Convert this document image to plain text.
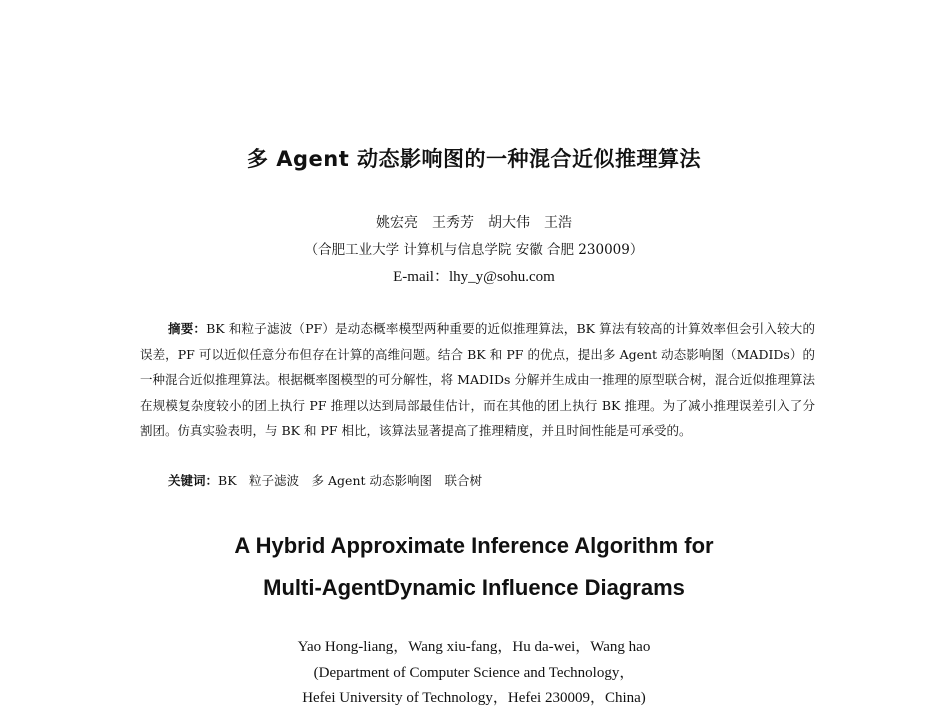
多 Agent 动态影响图的一种混合近似推理算法
姚宏亮　王秀芳　胡大伟　王浩
（合肥工业大学 计算机与信息学院 安徽 合肥 230009）
E-mail：lhy_y@sohu.com

摘要：BK 和粒子滤波（PF）是动态概率模型两种重要的近似推理算法，BK 算法有较高的计算效率但会引入较大的误差，PF 可以近似任意分布但存在计算的高维问题。结合 BK 和 PF 的优点，提出多 Agent 动态影响图（MADIDs）的一种混合近似推理算法。根据概率图模型的可分解性，将 MADIDs 分解并生成由一推理的原型联合树，混合近似推理算法在规模复杂度较小的团上执行 PF 推理以达到局部最佳估计，而在其他的团上执行 BK 推理。为了减小推理误差引入了分割团。仿真实验表明，与 BK 和 PF 相比，该算法显著提高了推理精度，并且时间性能是可承受的。

关键词：BK　粒子滤波　多 Agent 动态影响图　联合树
A Hybrid Approximate Inference Algorithm for
Multi-AgentDynamic Influence Diagrams
Yao Hong-liang，Wang xiu-fang，Hu da-wei，Wang hao
(Department of Computer Science and Technology，
Hefei University of Technology，Hefei 230009，China)
